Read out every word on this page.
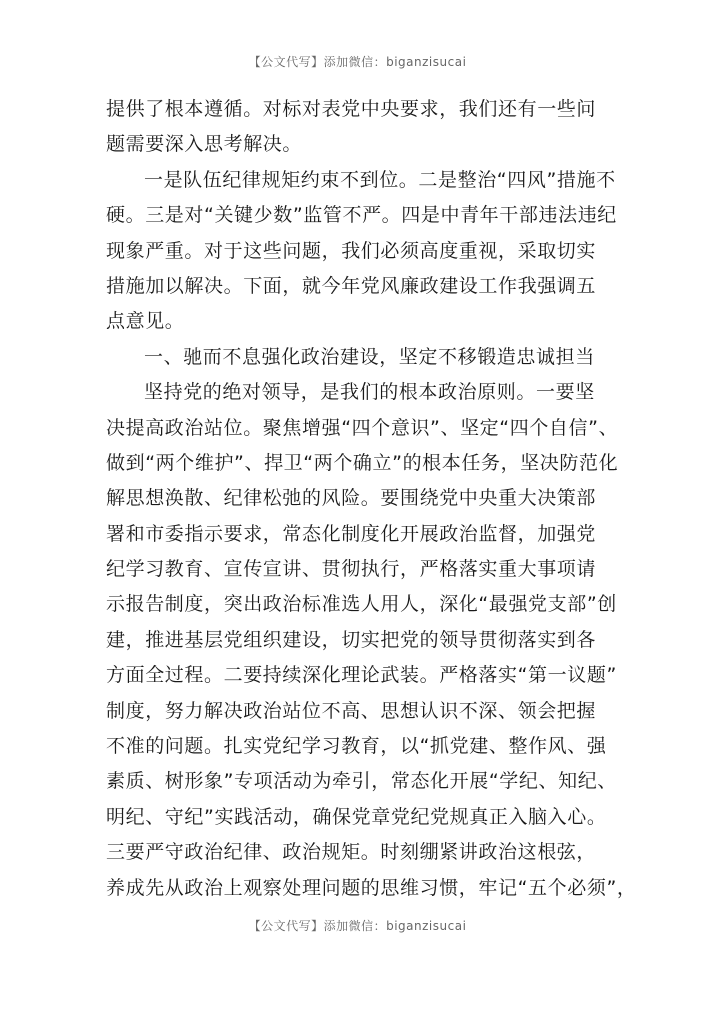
【公文代写】添加微信：biganzisucai
提供了根本遵循。对标对表党中央要求，我们还有一些问
题需要深入思考解决。
一是队伍纪律规矩约束不到位。二是整治“四风”措施不
硬。三是对“关键少数”监管不严。四是中青年干部违法违纪
现象严重。对于这些问题，我们必须高度重视，采取切实
措施加以解决。下面，就今年党风廉政建设工作我强调五
点意见。
一、驰而不息强化政治建设，坚定不移锻造忠诚担当
坚持党的绝对领导，是我们的根本政治原则。一要坚
决提高政治站位。聚焦增强“四个意识”、坚定“四个自信”、
做到“两个维护”、捍卫“两个确立”的根本任务，坚决防范化
解思想涣散、纪律松弛的风险。要围绕党中央重大决策部
署和市委指示要求，常态化制度化开展政治监督，加强党
纪学习教育、宣传宣讲、贯彻执行，严格落实重大事项请
示报告制度，突出政治标准选人用人，深化“最强党支部”创
建，推进基层党组织建设，切实把党的领导贯彻落实到各
方面全过程。二要持续深化理论武装。严格落实“第一议题”
制度，努力解决政治站位不高、思想认识不深、领会把握
不准的问题。扎实党纪学习教育，以“抓党建、整作风、强
素质、树形象”专项活动为牵引，常态化开展“学纪、知纪、
明纪、守纪”实践活动，确保党章党纪党规真正入脑入心。
三要严守政治纪律、政治规矩。时刻绷紧讲政治这根弦，
养成先从政治上观察处理问题的思维习惯，牢记“五个必须”，
【公文代写】添加微信：biganzisucai
